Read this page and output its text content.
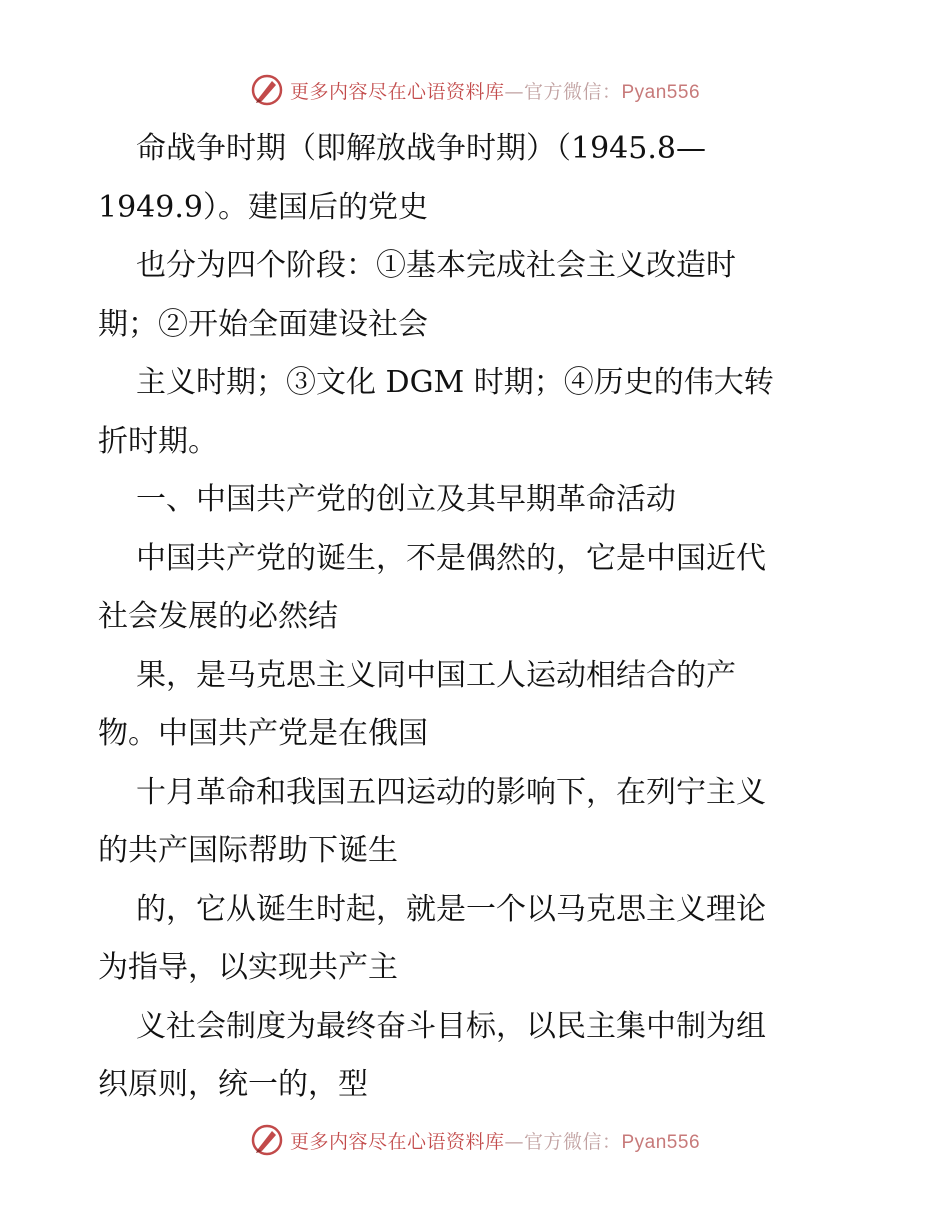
更多内容尽在心语资料库—官方微信：Pyan556
命战争时期（即解放战争时期）（1945.8—
1949.9）。建国后的党史
也分为四个阶段：①基本完成社会主义改造时
期；②开始全面建设社会
主义时期；③文化 DGM 时期；④历史的伟大转
折时期。
一、中国共产党的创立及其早期革命活动
中国共产党的诞生，不是偶然的，它是中国近代
社会发展的必然结
果，是马克思主义同中国工人运动相结合的产
物。中国共产党是在俄国
十月革命和我国五四运动的影响下，在列宁主义
的共产国际帮助下诞生
的，它从诞生时起，就是一个以马克思主义理论
为指导，以实现共产主
义社会制度为最终奋斗目标，以民主集中制为组
织原则，统一的，型
更多内容尽在心语资料库—官方微信：Pyan556
